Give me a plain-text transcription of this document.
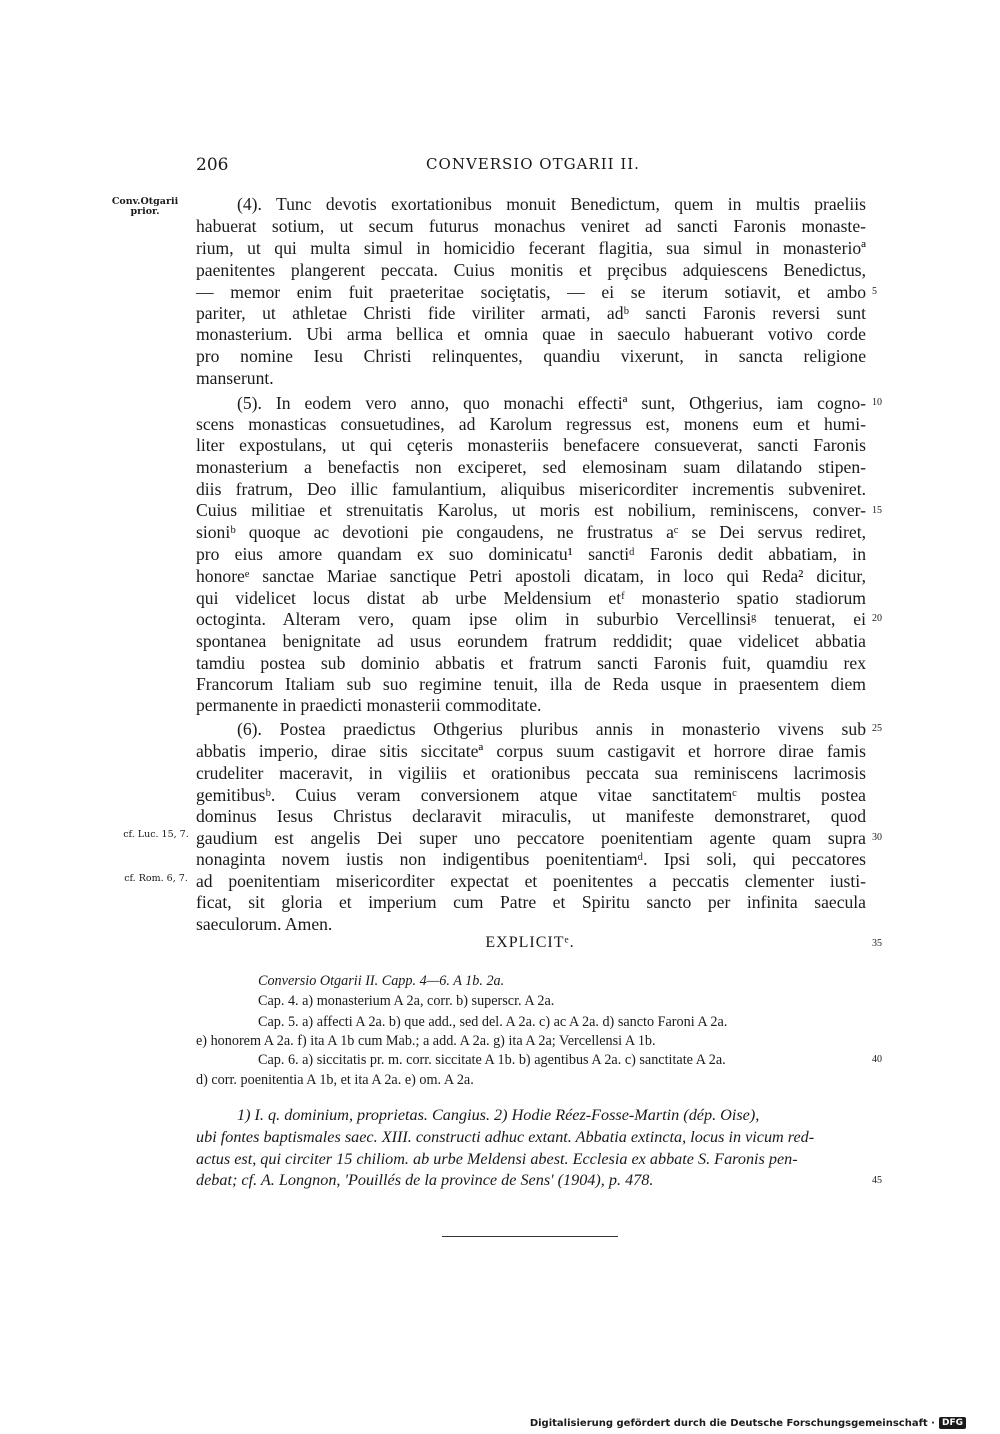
206	CONVERSIO OTGARII II.
Conv.Otgarii prior.
cf. Luc. 15, 7.
cf. Rom. 6, 7.
(4). Tunc devotis exortationibus monuit Benedictum, quem in multis praeliis
habuerat sotium, ut secum futurus monachus veniret ad sancti Faronis monaste-
rium, ut qui multa simul in homicidio fecerant flagitia, sua simul in monasterioª
paenitentes plangerent peccata. Cuius monitis et prȩcibus adquiescens Benedictus,
— memor enim fuit praeteritae sociȩtatis, — ei se iterum sotiavit, et ambo
pariter, ut athletae Christi fide viriliter armati, adᵇ sancti Faronis reversi sunt
monasterium. Ubi arma bellica et omnia quae in saeculo habuerant votivo corde
pro nomine Iesu Christi relinquentes, quandiu vixerunt, in sancta religione
manserunt.
(5). In eodem vero anno, quo monachi effectiª sunt, Othgerius, iam cogno-
scens monasticas consuetudines, ad Karolum regressus est, monens eum et humi-
liter expostulans, ut qui cȩteris monasteriis benefacere consueverat, sancti Faronis
monasterium a benefactis non exciperet, sed elemosinam suam dilatando stipen-
diis fratrum, Deo illic famulantium, aliquibus misericorditer incrementis subveniret.
Cuius militiae et strenuitatis Karolus, ut moris est nobilium, reminiscens, conver-
sioniᵇ quoque ac devotioni pie congaudens, ne frustratus aᶜ se Dei servus rediret,
pro eius amore quandam ex suo dominicatu¹ sanctiᵈ Faronis dedit abbatiam, in
honoreᵉ sanctae Mariae sanctique Petri apostoli dicatam, in loco qui Reda² dicitur,
qui videlicet locus distat ab urbe Meldensium etᶠ monasterio spatio stadiorum
octoginta. Alteram vero, quam ipse olim in suburbio Vercellinsiᵍ tenuerat, ei
spontanea benignitate ad usus eorundem fratrum reddidit; quae videlicet abbatia
tamdiu postea sub dominio abbatis et fratrum sancti Faronis fuit, quamdiu rex
Francorum Italiam sub suo regimine tenuit, illa de Reda usque in praesentem diem
permanente in praedicti monasterii commoditate.
(6). Postea praedictus Othgerius pluribus annis in monasterio vivens sub
abbatis imperio, dirae sitis siccitateª corpus suum castigavit et horrore dirae famis
crudeliter maceravit, in vigiliis et orationibus peccata sua reminiscens lacrimosis
gemitibusᵇ. Cuius veram conversionem atque vitae sanctitatemᶜ multis postea
dominus Iesus Christus declaravit miraculis, ut manifeste demonstraret, quod
gaudium est angelis Dei super uno peccatore poenitentiam agente quam supra
nonaginta novem iustis non indigentibus poenitentiamᵈ. Ipsi soli, qui peccatores
ad poenitentiam misericorditer expectat et poenitentes a peccatis clementer iusti-
ficat, sit gloria et imperium cum Patre et Spiritu sancto per infinita saecula
saeculorum. Amen.
EXPLICITᵉ.
5
10
15
20
25
30
35
40
45
Conversio Otgarii II. Capp. 4—6. A 1b. 2a.
Cap. 4. a) monasterium A 2a, corr. b) superscr. A 2a.
Cap. 5. a) affecti A 2a. b) que add., sed del. A 2a. c) ac A 2a. d) sancto Faroni A 2a.
e) honorem A 2a. f) ita A 1b cum Mab.; a add. A 2a. g) ita A 2a; Vercellensi A 1b.
Cap. 6. a) siccitatis pr. m. corr. siccitate A 1b. b) agentibus A 2a. c) sanctitate A 2a.
d) corr. poenitentia A 1b, et ita A 2a. e) om. A 2a.
1) I. q. dominium, proprietas. Cangius. 2) Hodie Réez-Fosse-Martin (dép. Oise),
ubi fontes baptismales saec. XIII. constructi adhuc extant. Abbatia extincta, locus in vicum red-
actus est, qui circiter 15 chiliom. ab urbe Meldensi abest. Ecclesia ex abbate S. Faronis pen-
debat; cf. A. Longnon, 'Pouillés de la province de Sens' (1904), p. 478.
Digitalisierung gefördert durch die Deutsche Forschungsgemeinschaft · DFG
